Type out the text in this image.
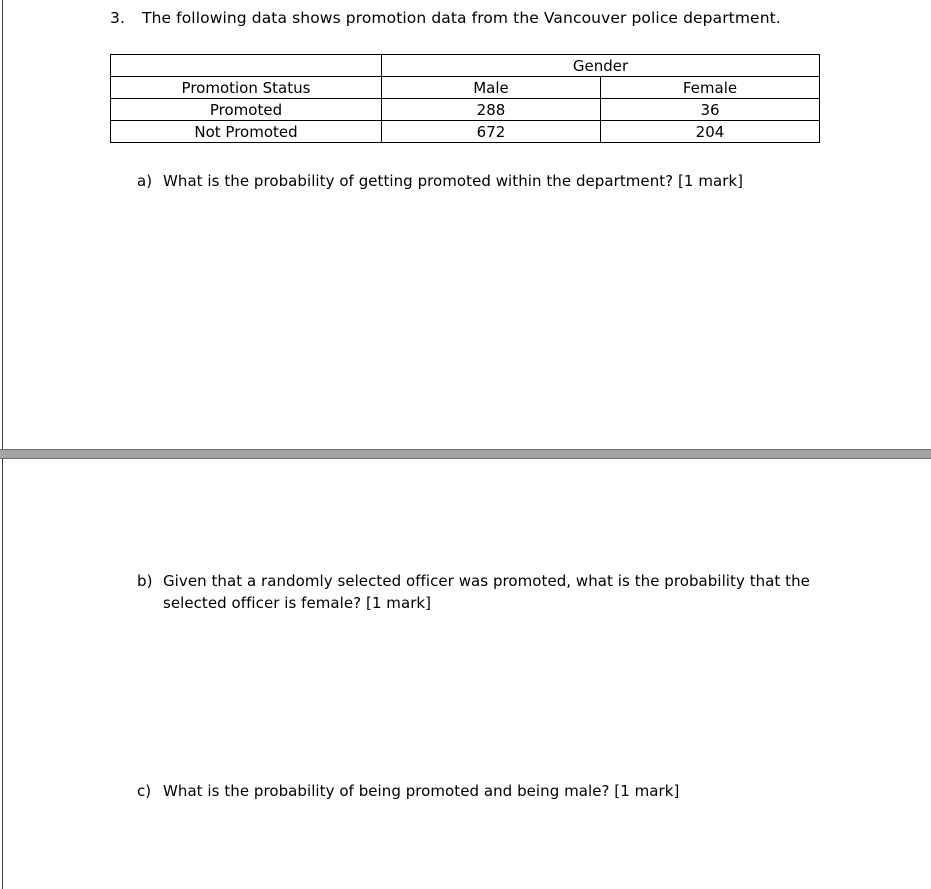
3. The following data shows promotion data from the Vancouver police department.
	Gender	
Promotion Status	Male	Female
Promoted	288	36
Not Promoted	672	204
a) What is the probability of getting promoted within the department? [1 mark]
b) Given that a randomly selected officer was promoted, what is the probability that the selected officer is female? [1 mark]
c) What is the probability of being promoted and being male? [1 mark]
